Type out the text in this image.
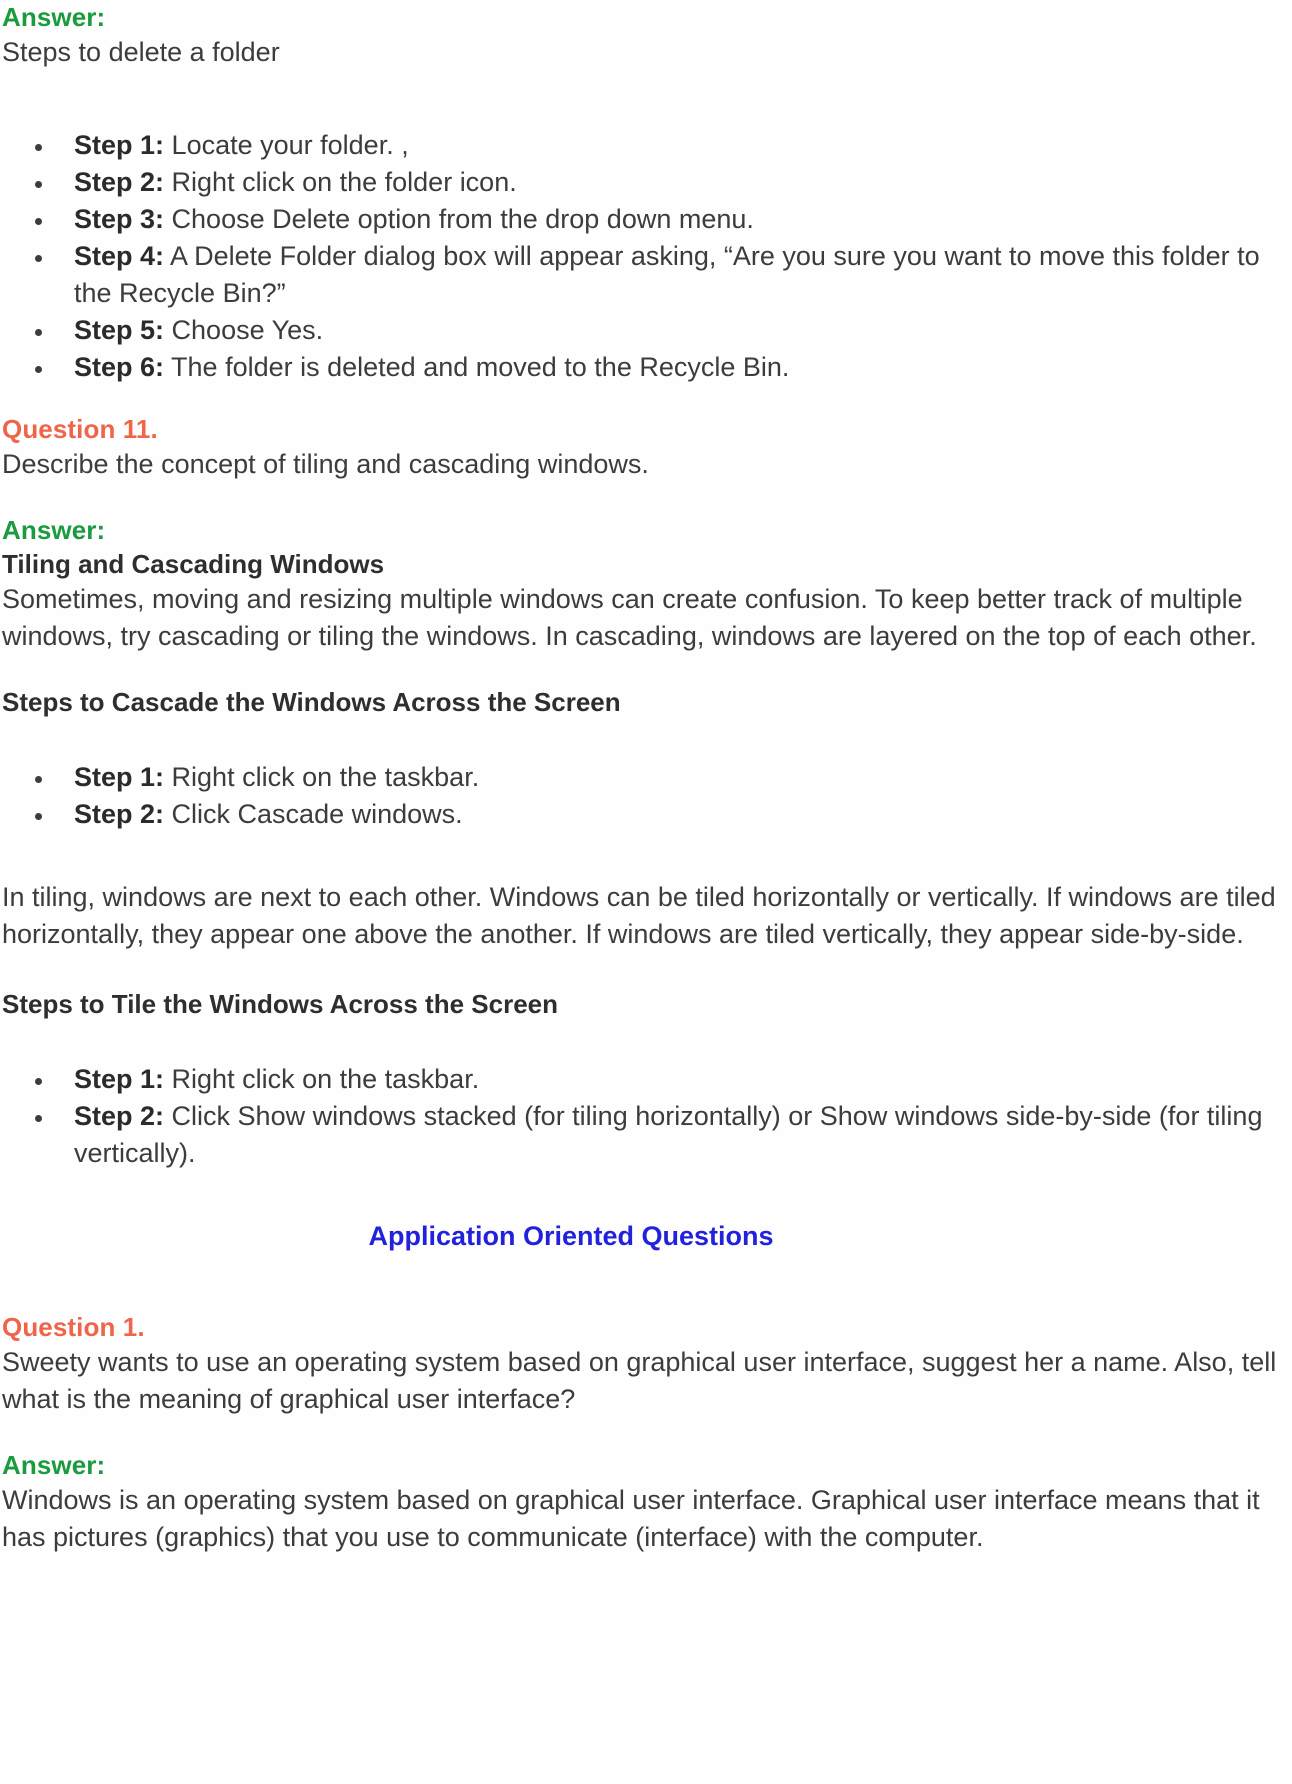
Answer:

Steps to delete a folder

Step 1: Locate your folder. ,
Step 2: Right click on the folder icon.
Step 3: Choose Delete option from the drop down menu.
Step 4: A Delete Folder dialog box will appear asking, “Are you sure you want to move this folder to the Recycle Bin?”
Step 5: Choose Yes.
Step 6: The folder is deleted and moved to the Recycle Bin.
Question 11.

Describe the concept of tiling and cascading windows.

Answer:
Tiling and Cascading Windows

Sometimes, moving and resizing multiple windows can create confusion. To keep better track of multiple windows, try cascading or tiling the windows. In cascading, windows are layered on the top of each other.

Steps to Cascade the Windows Across the Screen
Step 1: Right click on the taskbar.
Step 2: Click Cascade windows.

In tiling, windows are next to each other. Windows can be tiled horizontally or vertically. If windows are tiled horizontally, they appear one above the another. If windows are tiled vertically, they appear side-by-side.

Steps to Tile the Windows Across the Screen
Step 1: Right click on the taskbar.
Step 2: Click Show windows stacked (for tiling horizontally) or Show windows side-by-side (for tiling vertically).
Application Oriented Questions
Question 1.

Sweety wants to use an operating system based on graphical user interface, suggest her a name. Also, tell what is the meaning of graphical user interface?

Answer:

Windows is an operating system based on graphical user interface. Graphical user interface means that it has pictures (graphics) that you use to communicate (interface) with the computer.
